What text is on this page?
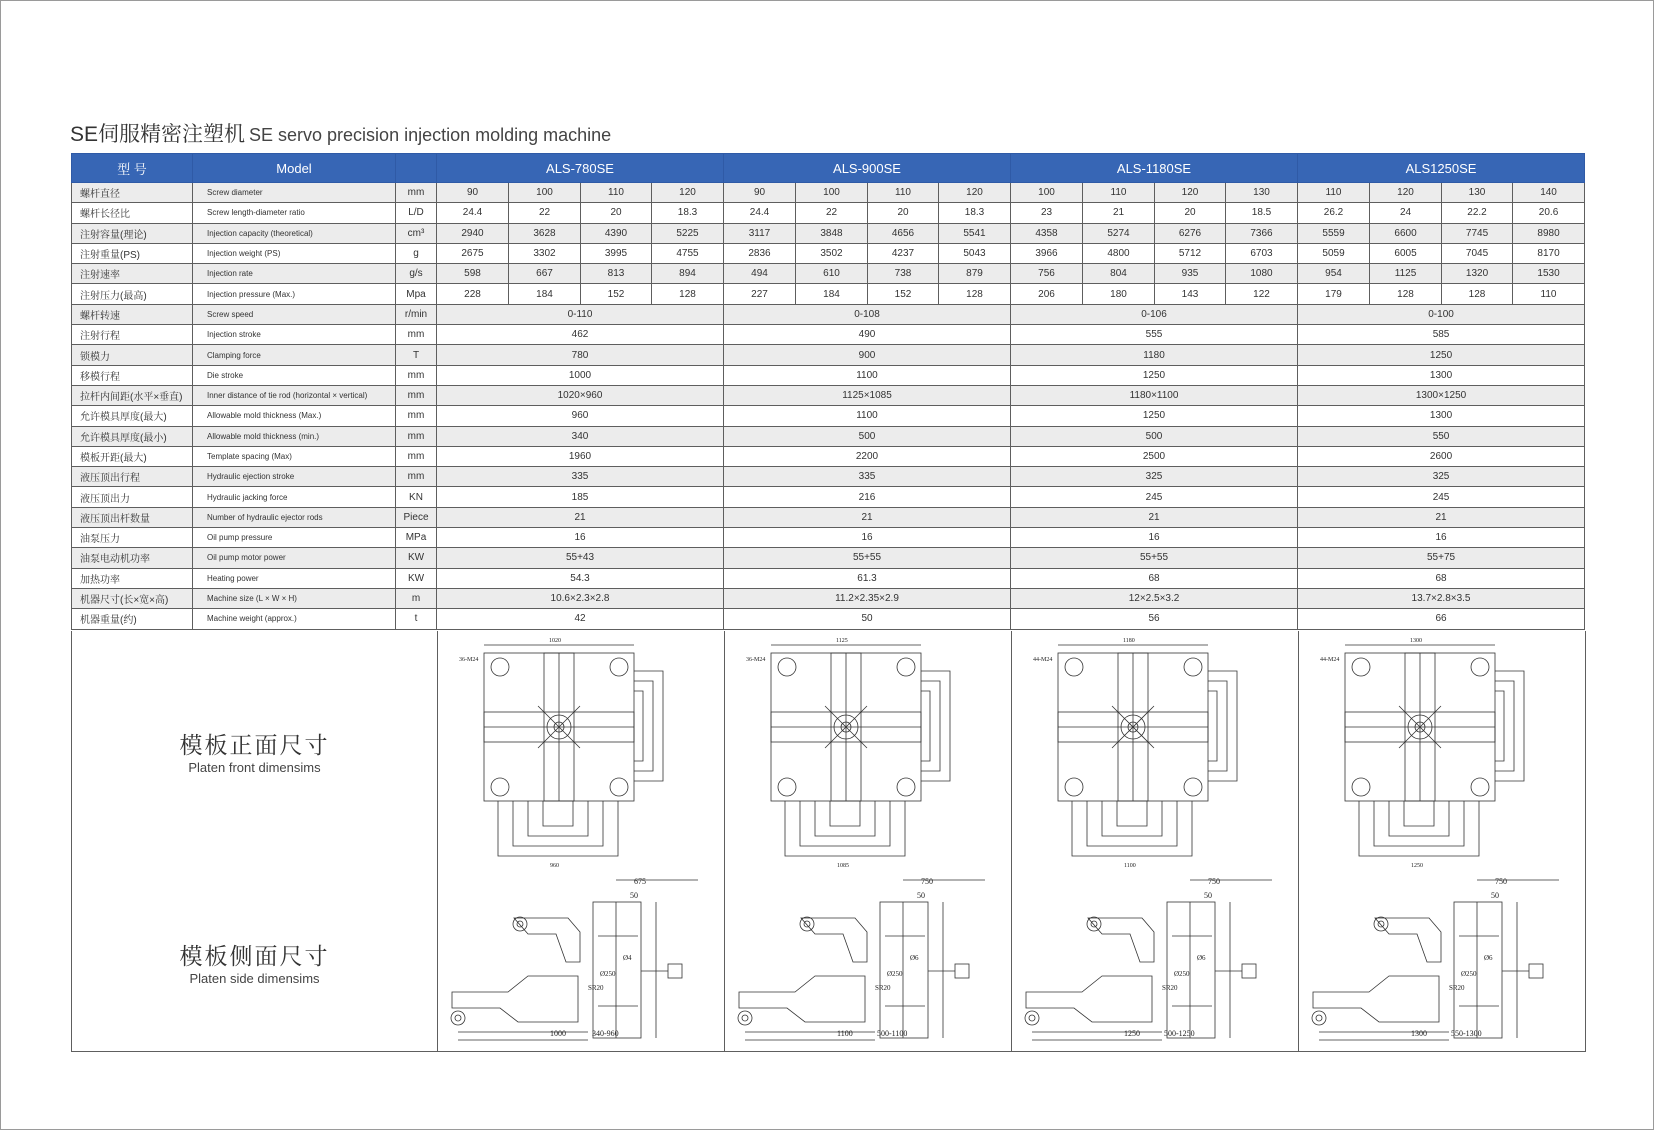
SE伺服精密注塑机 SE servo precision injection molding machine
型 号	Model		ALS-780SE				ALS-900SE				ALS-1180SE				ALS1250SE			
螺杆直径	Screw diameter	mm	90	100	110	120	90	100	110	120	100	110	120	130	110	120	130	140
螺杆长径比	Screw length-diameter ratio	L/D	24.4	22	20	18.3	24.4	22	20	18.3	23	21	20	18.5	26.2	24	22.2	20.6
注射容量(理论)	Injection capacity (theoretical)	cm³	2940	3628	4390	5225	3117	3848	4656	5541	4358	5274	6276	7366	5559	6600	7745	8980
注射重量(PS)	Injection weight (PS)	g	2675	3302	3995	4755	2836	3502	4237	5043	3966	4800	5712	6703	5059	6005	7045	8170
注射速率	Injection rate	g/s	598	667	813	894	494	610	738	879	756	804	935	1080	954	1125	1320	1530
注射压力(最高)	Injection pressure (Max.)	Mpa	228	184	152	128	227	184	152	128	206	180	143	122	179	128	128	110
螺杆转速	Screw speed	r/min	0-110				0-108				0-106				0-100			
注射行程	Injection stroke	mm	462				490				555				585			
锁模力	Clamping force	T	780				900				1180				1250			
移模行程	Die stroke	mm	1000				1100				1250				1300			
拉杆内间距(水平×垂直)	Inner distance of tie rod (horizontal × vertical)	mm	1020×960				1125×1085				1180×1100				1300×1250			
允许模具厚度(最大)	Allowable mold thickness (Max.)	mm	960				1100				1250				1300			
允许模具厚度(最小)	Allowable mold thickness (min.)	mm	340				500				500				550			
模板开距(最大)	Template spacing (Max)	mm	1960				2200				2500				2600			
液压顶出行程	Hydraulic ejection stroke	mm	335				335				325				325			
液压顶出力	Hydraulic jacking force	KN	185				216				245				245			
液压顶出杆数量	Number of hydraulic ejector rods	Piece	21				21				21				21			
油泵压力	Oil pump pressure	MPa	16				16				16				16			
油泵电动机功率	Oil pump motor power	KW	55+43				55+55				55+55				55+75			
加热功率	Heating power	KW	54.3				61.3				68				68			
机器尺寸(长×宽×高)	Machine size (L × W × H)	m	10.6×2.3×2.8				11.2×2.35×2.9				12×2.5×3.2				13.7×2.8×3.5			
机器重量(约)	Machine weight (approx.)	t	42				50				56				66			
模板正面尺寸
Platen front dimensims
1020
36-M24
960
1125
36-M24
1085
1180
44-M24
1100
1300
44-M24
1250
模板侧面尺寸
Platen side dimensims
675
50
Ø250
Ø4
SR20
1000	340-960
750
50
Ø250
Ø6
SR20
1100	500-1100
750
50
Ø250
Ø6
SR20
1250	500-1250
750
50
Ø250
Ø6
SR20
1300	550-1300
